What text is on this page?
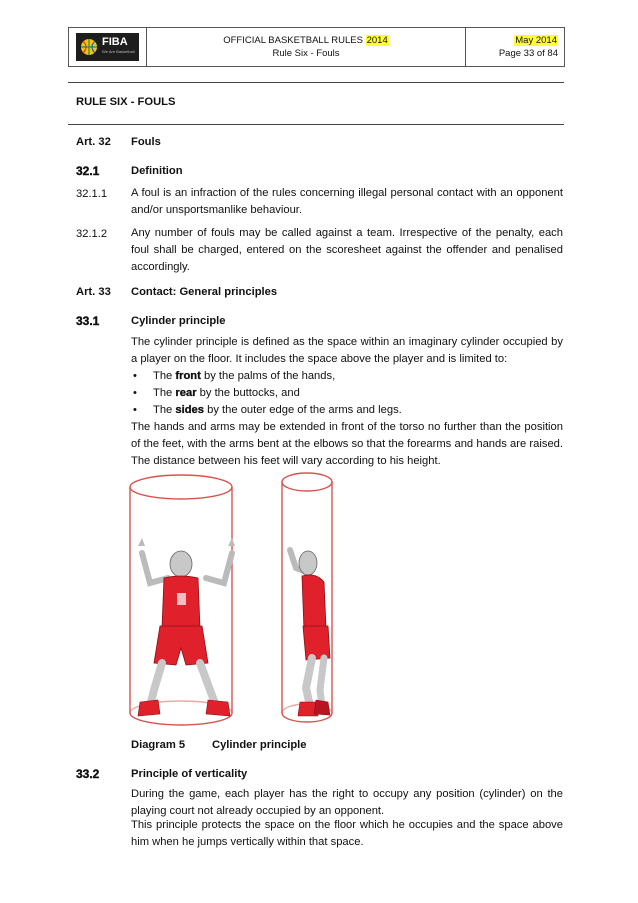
FIBA
We Are Basketball
OFFICIAL BASKETBALL RULES 2014
Rule Six - Fouls
May 2014
Page 33 of 84
RULE SIX - FOULS
Art. 32 Fouls
32.1	Definition
32.1.1 A foul is an infraction of the rules concerning illegal personal contact with an opponent and/or unsportsmanlike behaviour.
32.1.2 Any number of fouls may be called against a team. Irrespective of the penalty, each foul shall be charged, entered on the scoresheet against the offender and penalised accordingly.
Art. 33 Contact: General principles
33.1	Cylinder principle

The cylinder principle is defined as the space within an imaginary cylinder occupied by a player on the floor. It includes the space above the player and is limited to:

• The front by the palms of the hands,
• The rear by the buttocks, and
• The sides by the outer edge of the arms and legs.

The hands and arms may be extended in front of the torso no further than the position of the feet, with the arms bent at the elbows so that the forearms and hands are raised. The distance between his feet will vary according to his height.

Diagram 5 Cylinder principle
33.2	Principle of verticality
During the game, each player has the right to occupy any position (cylinder) on the playing court not already occupied by an opponent.
This principle protects the space on the floor which he occupies and the space above him when he jumps vertically within that space.
